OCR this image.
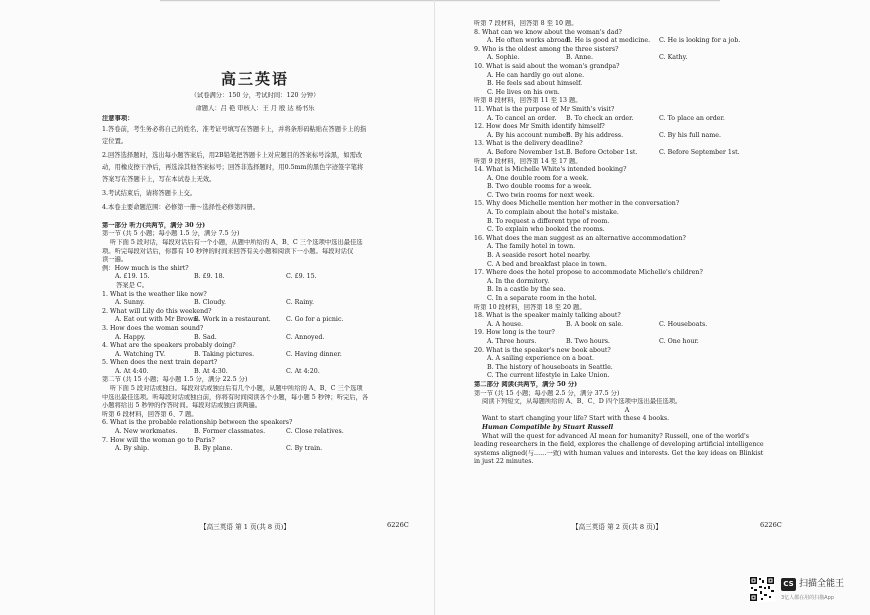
高三英语
（试卷满分：150 分，考试时间：120 分钟）
命题人：吕 艳 审核人：王 月 殷 达 杨书乐
注意事项：
1.答卷前，考生务必将自己的姓名、准考证号填写在答题卡上，并将条形码粘贴在答题卡上的指
定位置。
2.回答选择题时，选出每小题答案后，用2B铅笔把答题卡上对应题目的答案标号涂黑，如需改
动，用橡皮擦干净后，再选涂其他答案标号；回答非选择题时，用0.5mm的黑色字迹签字笔将
答案写在答题卡上，写在本试卷上无效。
3.考试结束后，请将答题卡上交。
4.本卷主要命题范围：必修第一册～选择性必修第四册。
第一部分 听力(共两节，满分 30 分)
第一节 (共 5 小题；每小题 1.5 分，满分 7.5 分)
听下面 5 段对话，每段对话后有一个小题，从题中所给的 A、B、C 三个选项中选出最佳选
项。听完每段对话后，你都有 10 秒钟的时间来回答有关小题和阅读下一小题。每段对话仅
读一遍。
例：How much is the shirt?
A. £19. 15.	B. £9. 18.	C. £9. 15.
答案是 C。
1. What is the weather like now?
A. Sunny.	B. Cloudy.	C. Rainy.
2. What will Lily do this weekend?
A. Eat out with Mr Brown.
B. Work in a restaurant.	C. Go for a picnic.
3. How does the woman sound?
A. Happy.	B. Sad.	C. Annoyed.
4. What are the speakers probably doing?
A. Watching TV.	B. Taking pictures.	C. Having dinner.
5. When does the next train depart?
A. At 4:40.	B. At 4:30.	C. At 4:20.
第二节 (共 15 小题；每小题 1.5 分，满分 22.5 分)
听下面 5 段对话或独白。每段对话或独白后有几个小题，从题中所给的 A、B、C 三个选项
中选出最佳选项。听每段对话或独白前，你将有时间阅读各个小题，每小题 5 秒钟；听完后，各
小题将给出 5 秒钟的作答时间。每段对话或独白读两遍。
听第 6 段材料，回答第 6、7 题。
6. What is the probable relationship between the speakers?
A. New workmates.	B. Former classmates.	C. Close relatives.
7. How will the woman go to Paris?
A. By ship.	B. By plane.	C. By train.
【高三英语 第 1 页(共 8 页)】	6226C
听第 7 段材料，回答第 8 至 10 题。
8. What can we know about the woman's dad?
A. He often works abroad.
B. He is good at medicine.	C. He is looking for a job.
9. Who is the oldest among the three sisters?
A. Sophie.	B. Anne.	C. Kathy.
10. What is said about the woman's grandpa?
A. He can hardly go out alone.
B. He feels sad about himself.
C. He lives on his own.
听第 8 段材料，回答第 11 至 13 题。
11. What is the purpose of Mr Smith's visit?
A. To cancel an order.	B. To check an order.	C. To place an order.
12. How does Mr Smith identify himself?
A. By his account number.
B. By his address.	C. By his full name.
13. What is the delivery deadline?
A. Before November 1st. B. Before October 1st.	C. Before September 1st.
听第 9 段材料，回答第 14 至 17 题。
14. What is Michelle White's intended booking?
A. One double room for a week.
B. Two double rooms for a week.
C. Two twin rooms for next week.
15. Why does Michelle mention her mother in the conversation?
A. To complain about the hotel's mistake.
B. To request a different type of room.
C. To explain who booked the rooms.
16. What does the man suggest as an alternative accommodation?
A. The family hotel in town.
B. A seaside resort hotel nearby.
C. A bed and breakfast place in town.
17. Where does the hotel propose to accommodate Michelle's children?
A. In the dormitory.
B. In a castle by the sea.
C. In a separate room in the hotel.
听第 10 段材料，回答第 18 至 20 题。
18. What is the speaker mainly talking about?
A. A house.	B. A book on sale.	C. Houseboats.
19. How long is the tour?
A. Three hours.	B. Two hours.	C. One hour.
20. What is the speaker's new book about?
A. A sailing experience on a boat.
B. The history of houseboats in Seattle.
C. The current lifestyle in Lake Union.
第二部分 阅读(共两节，满分 50 分)
第一节 (共 15 小题；每小题 2.5 分，满分 37.5 分)
阅读下列短文，从每题所给的 A、B、C、D 四个选项中选出最佳选项。
A
Want to start changing your life? Start with these 4 books.
Human Compatible by Stuart Russell
What will the quest for advanced AI mean for humanity? Russell, one of the world's
leading researchers in the field, explores the challenge of developing artificial intelligence
systems aligned(与……一致) with human values and interests. Get the key ideas on Blinkist
in just 22 minutes.
【高三英语 第 2 页(共 8 页)】	6226C
CS 扫描全能王
3亿人都在用的扫描App
